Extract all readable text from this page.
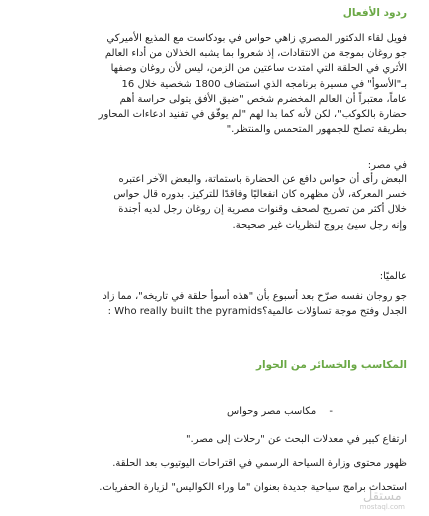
ردود الأفعال

فويل لقاء الدكتور المصري زاهي حواس في بودكاست مع المذيع الأميركي
جو روغان بموجة من الانتقادات، إذ شعروا بما يشبه الخذلان من أداء العالم
الأثري في الحلقة التي امتدت ساعتين من الزمن، ليس لأن روغان وصفها
بـ"الأسوأ" في مسيرة برنامجه الذي استضاف 1800 شخصية خلال 16
عاماً، معتبراً أن العالم المخضرم شخص "ضيق الأفق يتولى حراسة أهم
حضارة بالكوكب"، لكن لأنه كما بدا لهم "لم يوفّق في تفنيد ادعاءات المحاور
بطريقة تصلح للجمهور المتحمس والمنتظر."

في مصر:

البعض رأى أن حواس دافع عن الحضارة باستماتة، والبعض الآخر اعتبره
خسر المعركة، لأن مظهره كان انفعاليًا وفاقدًا للتركيز. بدوره قال حواس
خلال أكثر من تصريح لصحف وقنوات مصرية إن روغان رجل لديه أجندة
وإنه رجل سيئ يروج لنظريات غير صحيحة.

عالميًا:

جو روجان نفسه صرّح بعد أسبوع بأن "هذه أسوأ حلقة في تاريخه"، مما زاد
الجدل وفتح موجة تساؤلات عالمية؟Who really built the pyramids :

المكاسب والخسائر من الحوار
- مكاسب مصر وحواس

ارتفاع كبير في معدلات البحث عن "رحلات إلى مصر."
ظهور محتوى وزارة السياحة الرسمي في اقتراحات اليوتيوب بعد الحلقة.
استحداث برامج سياحية جديدة بعنوان "ما وراء الكواليس" لزيارة الحفريات.

مستقل
mostaql.com
